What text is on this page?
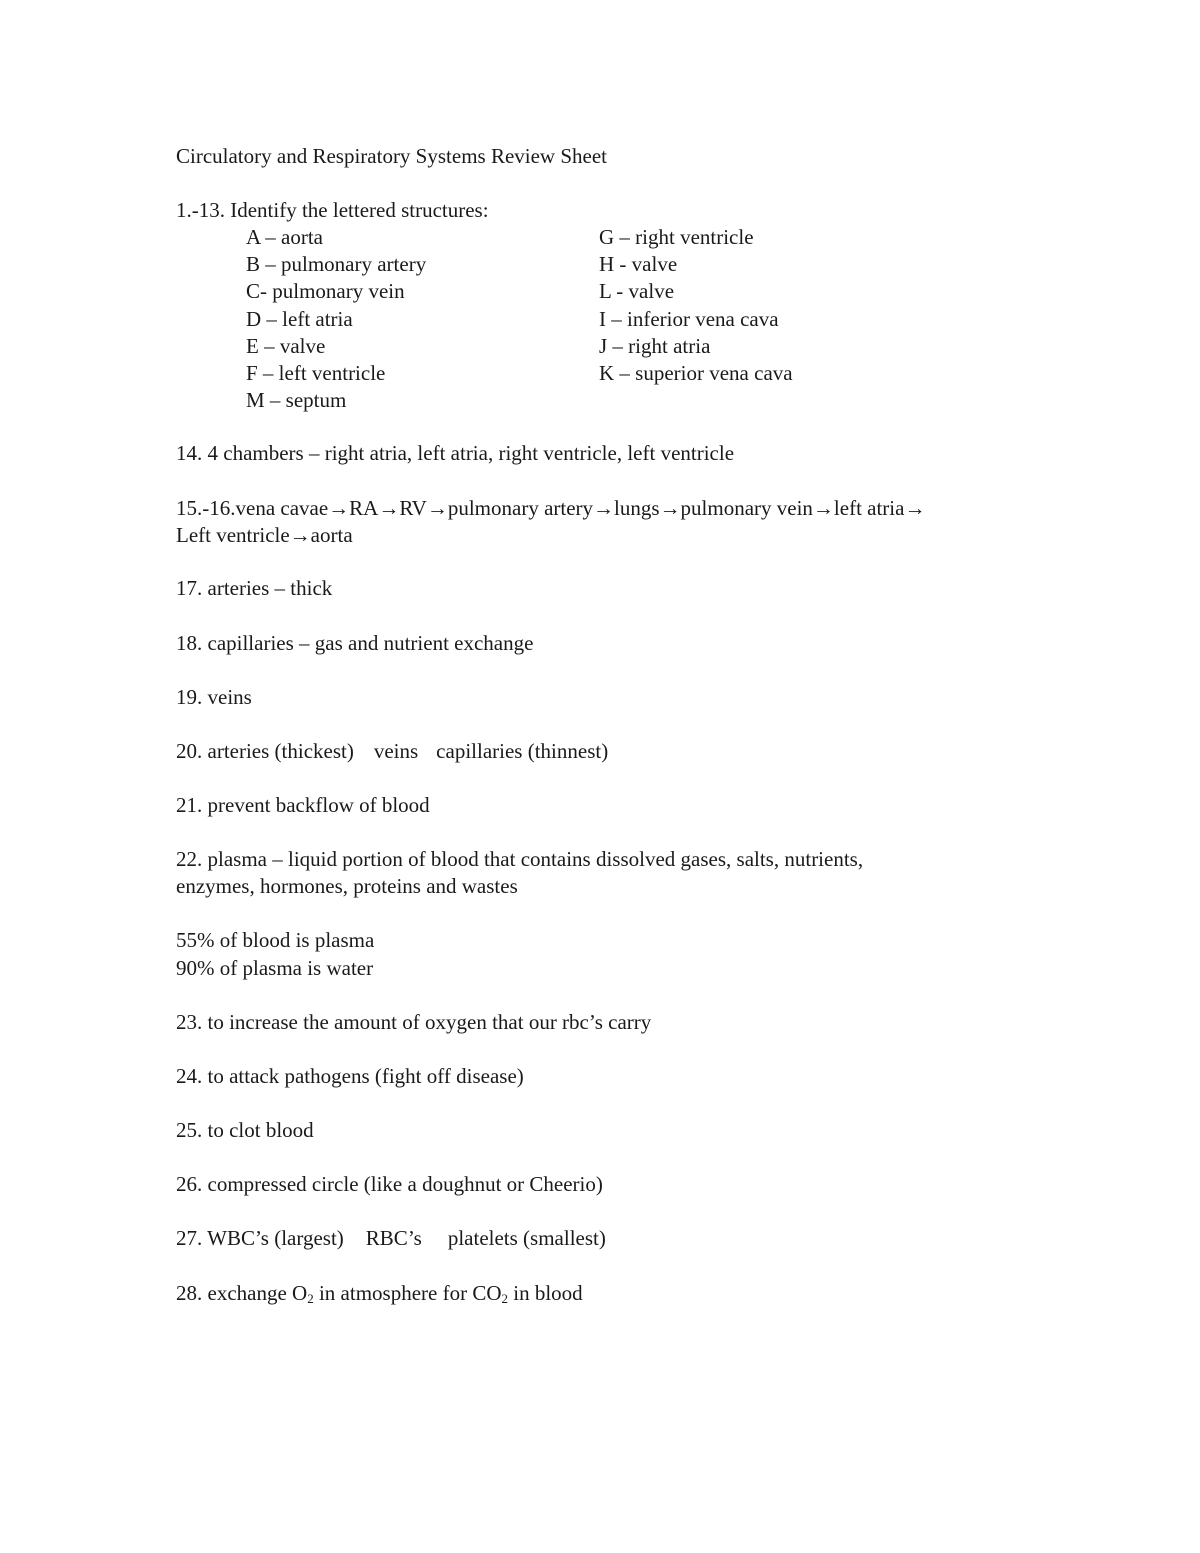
Circulatory and Respiratory Systems Review Sheet
1.-13. Identify the lettered structures:
A – aorta
B – pulmonary artery
C- pulmonary vein
D – left atria
E – valve
F – left ventricle
M – septum
G – right ventricle
H - valve
L - valve
I – inferior vena cava
J – right atria
K – superior vena cava
14. 4 chambers – right atria, left atria, right ventricle, left ventricle
15.-16.vena cavae→RA→RV→pulmonary artery→lungs→pulmonary vein→left atria→
Left ventricle→aorta
17. arteries – thick
18. capillaries – gas and nutrient exchange
19. veins
20. arteries (thickest) veins capillaries (thinnest)
21. prevent backflow of blood
22. plasma – liquid portion of blood that contains dissolved gases, salts, nutrients,
enzymes, hormones, proteins and wastes
55% of blood is plasma
90% of plasma is water
23. to increase the amount of oxygen that our rbc’s carry
24. to attack pathogens (fight off disease)
25. to clot blood
26. compressed circle (like a doughnut or Cheerio)
27. WBC’s (largest) RBC’s platelets (smallest)
28. exchange $O_2$ in atmosphere for $CO_2$ in blood
